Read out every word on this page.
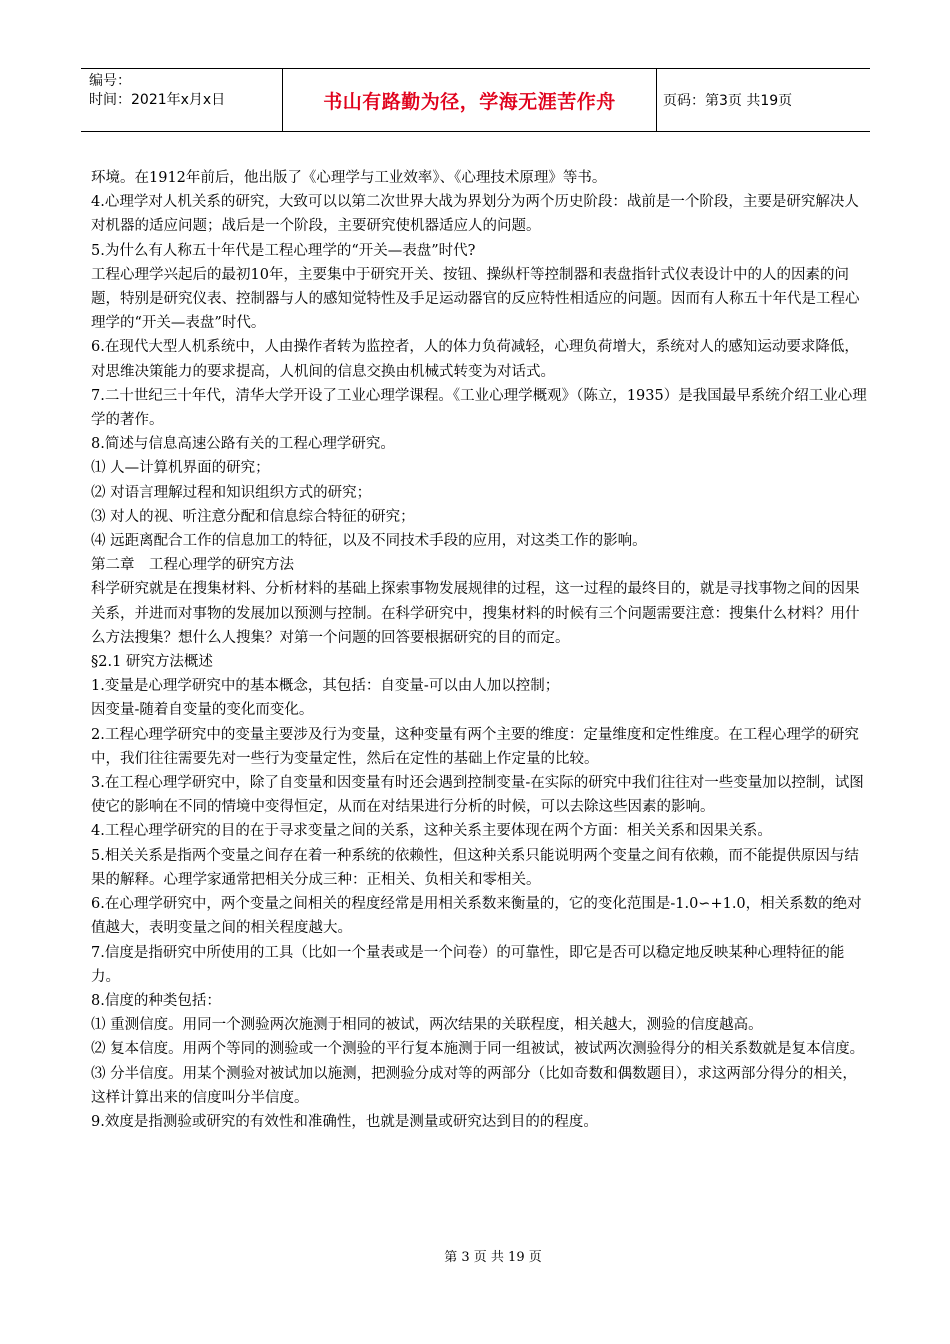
编号：
时间：2021年x月x日	书山有路勤为径，学海无涯苦作舟	页码：第3页 共19页

环境。在1912年前后，他出版了《心理学与工业效率》、《心理技术原理》等书。

4.心理学对人机关系的研究，大致可以以第二次世界大战为界划分为两个历史阶段：战前是一个阶段，主要是研究解决人对机器的适应问题；战后是一个阶段，主要研究使机器适应人的问题。

5.为什么有人称五十年代是工程心理学的“开关—表盘”时代?

工程心理学兴起后的最初10年，主要集中于研究开关、按钮、操纵杆等控制器和表盘指针式仪表设计中的人的因素的问题，特别是研究仪表、控制器与人的感知觉特性及手足运动器官的反应特性相适应的问题。因而有人称五十年代是工程心理学的“开关—表盘”时代。

6.在现代大型人机系统中，人由操作者转为监控者，人的体力负荷减轻，心理负荷增大，系统对人的感知运动要求降低，对思维决策能力的要求提高，人机间的信息交换由机械式转变为对话式。

7.二十世纪三十年代，清华大学开设了工业心理学课程。《工业心理学概观》（陈立，1935）是我国最早系统介绍工业心理学的著作。

8.简述与信息高速公路有关的工程心理学研究。

⑴ 人—计算机界面的研究；

⑵ 对语言理解过程和知识组织方式的研究；

⑶ 对人的视、听注意分配和信息综合特征的研究；

⑷ 远距离配合工作的信息加工的特征，以及不同技术手段的应用，对这类工作的影响。

第二章　工程心理学的研究方法

科学研究就是在搜集材料、分析材料的基础上探索事物发展规律的过程，这一过程的最终目的，就是寻找事物之间的因果关系，并进而对事物的发展加以预测与控制。在科学研究中，搜集材料的时候有三个问题需要注意：搜集什么材料？用什么方法搜集？想什么人搜集？对第一个问题的回答要根据研究的目的而定。

§2.1 研究方法概述

1.变量是心理学研究中的基本概念，其包括：自变量-可以由人加以控制；

因变量-随着自变量的变化而变化。

2.工程心理学研究中的变量主要涉及行为变量，这种变量有两个主要的维度：定量维度和定性维度。在工程心理学的研究中，我们往往需要先对一些行为变量定性，然后在定性的基础上作定量的比较。

3.在工程心理学研究中，除了自变量和因变量有时还会遇到控制变量-在实际的研究中我们往往对一些变量加以控制，试图使它的影响在不同的情境中变得恒定，从而在对结果进行分析的时候，可以去除这些因素的影响。

4.工程心理学研究的目的在于寻求变量之间的关系，这种关系主要体现在两个方面：相关关系和因果关系。

5.相关关系是指两个变量之间存在着一种系统的依赖性，但这种关系只能说明两个变量之间有依赖，而不能提供原因与结果的解释。心理学家通常把相关分成三种：正相关、负相关和零相关。

6.在心理学研究中，两个变量之间相关的程度经常是用相关系数来衡量的，它的变化范围是-1.0∽+1.0，相关系数的绝对值越大，表明变量之间的相关程度越大。

7.信度是指研究中所使用的工具（比如一个量表或是一个问卷）的可靠性，即它是否可以稳定地反映某种心理特征的能力。

8.信度的种类包括：

⑴ 重测信度。用同一个测验两次施测于相同的被试，两次结果的关联程度，相关越大，测验的信度越高。

⑵ 复本信度。用两个等同的测验或一个测验的平行复本施测于同一组被试，被试两次测验得分的相关系数就是复本信度。

⑶ 分半信度。用某个测验对被试加以施测，把测验分成对等的两部分（比如奇数和偶数题目），求这两部分得分的相关，这样计算出来的信度叫分半信度。

9.效度是指测验或研究的有效性和准确性，也就是测量或研究达到目的的程度。

第 3 页 共 19 页
